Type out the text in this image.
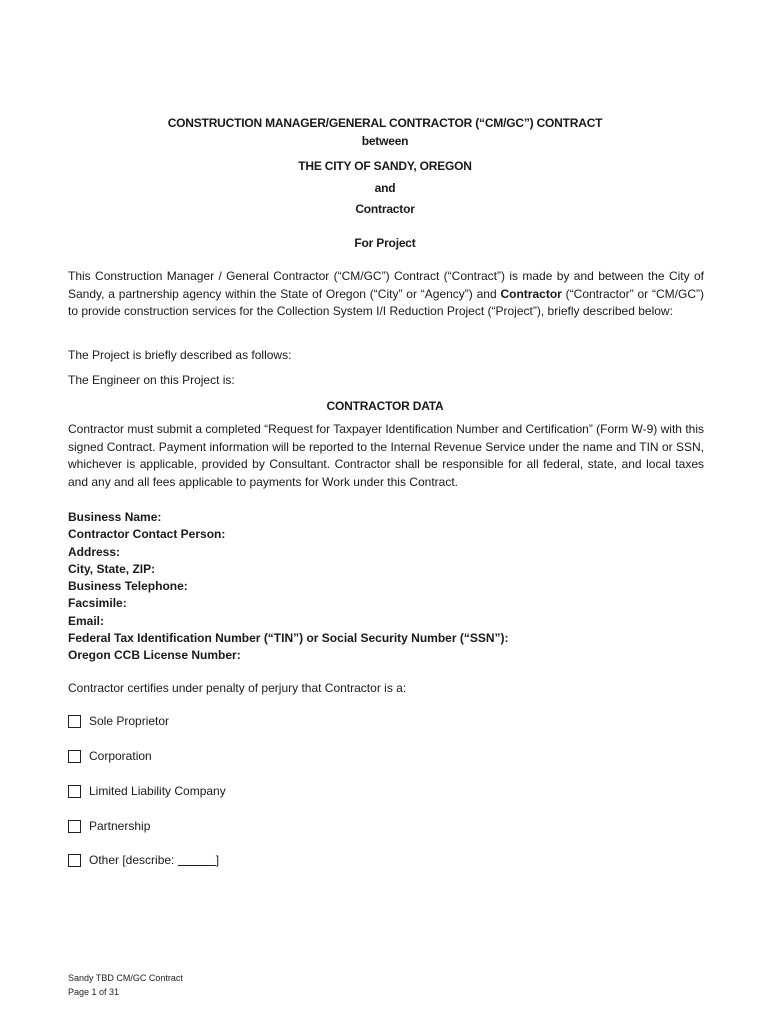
CONSTRUCTION MANAGER/GENERAL CONTRACTOR (“CM/GC”) CONTRACT
between
THE CITY OF SANDY, OREGON
and
Contractor
For Project
This Construction Manager / General Contractor (“CM/GC”) Contract (“Contract”) is made by and between the City of Sandy, a partnership agency within the State of Oregon (“City” or “Agency”) and Contractor (“Contractor” or “CM/GC”) to provide construction services for the Collection System I/I Reduction Project (“Project”), briefly described below:
The Project is briefly described as follows:
The Engineer on this Project is:
CONTRACTOR DATA
Contractor must submit a completed “Request for Taxpayer Identification Number and Certification” (Form W-9) with this signed Contract. Payment information will be reported to the Internal Revenue Service under the name and TIN or SSN, whichever is applicable, provided by Consultant. Contractor shall be responsible for all federal, state, and local taxes and any and all fees applicable to payments for Work under this Contract.
Business Name:
Contractor Contact Person:
Address:
City, State, ZIP:
Business Telephone:
Facsimile:
Email:
Federal Tax Identification Number (“TIN”) or Social Security Number (“SSN”):
Oregon CCB License Number:
Contractor certifies under penalty of perjury that Contractor is a:
Sole Proprietor
Corporation
Limited Liability Company
Partnership
Other [describe:
	]
Sandy TBD CM/GC Contract
Page 1 of 31
